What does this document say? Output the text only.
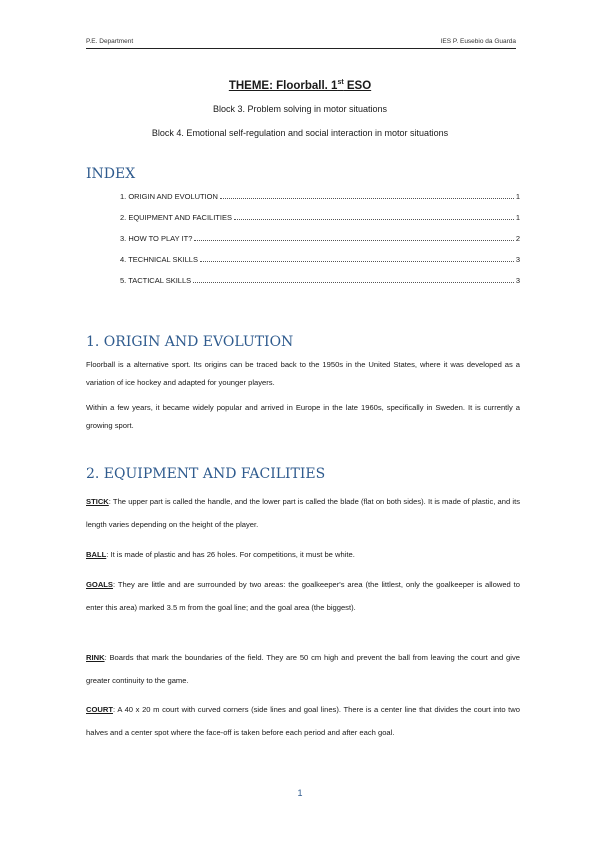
P.E. Department	IES P. Eusebio da Guarda
THEME: Floorball. 1st ESO
Block 3. Problem solving in motor situations
Block 4. Emotional self-regulation and social interaction in motor situations
INDEX
1. ORIGIN AND EVOLUTION	1
2. EQUIPMENT AND FACILITIES	1
3. HOW TO PLAY IT?	2
4. TECHNICAL SKILLS	3
5. TACTICAL SKILLS	3
1. ORIGIN AND EVOLUTION
Floorball is a alternative sport. Its origins can be traced back to the 1950s in the United States, where it was developed as a variation of ice hockey and adapted for younger players.
Within a few years, it became widely popular and arrived in Europe in the late 1960s, specifically in Sweden. It is currently a growing sport.
2. EQUIPMENT AND FACILITIES
STICK: The upper part is called the handle, and the lower part is called the blade (flat on both sides). It is made of plastic, and its length varies depending on the height of the player.
BALL: It is made of plastic and has 26 holes. For competitions, it must be white.
GOALS: They are little and are surrounded by two areas: the goalkeeper's area (the littlest, only the goalkeeper is allowed to enter this area) marked 3.5 m from the goal line; and the goal area (the biggest).
RINK: Boards that mark the boundaries of the field. They are 50 cm high and prevent the ball from leaving the court and give greater continuity to the game.
COURT: A 40 x 20 m court with curved corners (side lines and goal lines). There is a center line that divides the court into two halves and a center spot where the face-off is taken before each period and after each goal.
1
